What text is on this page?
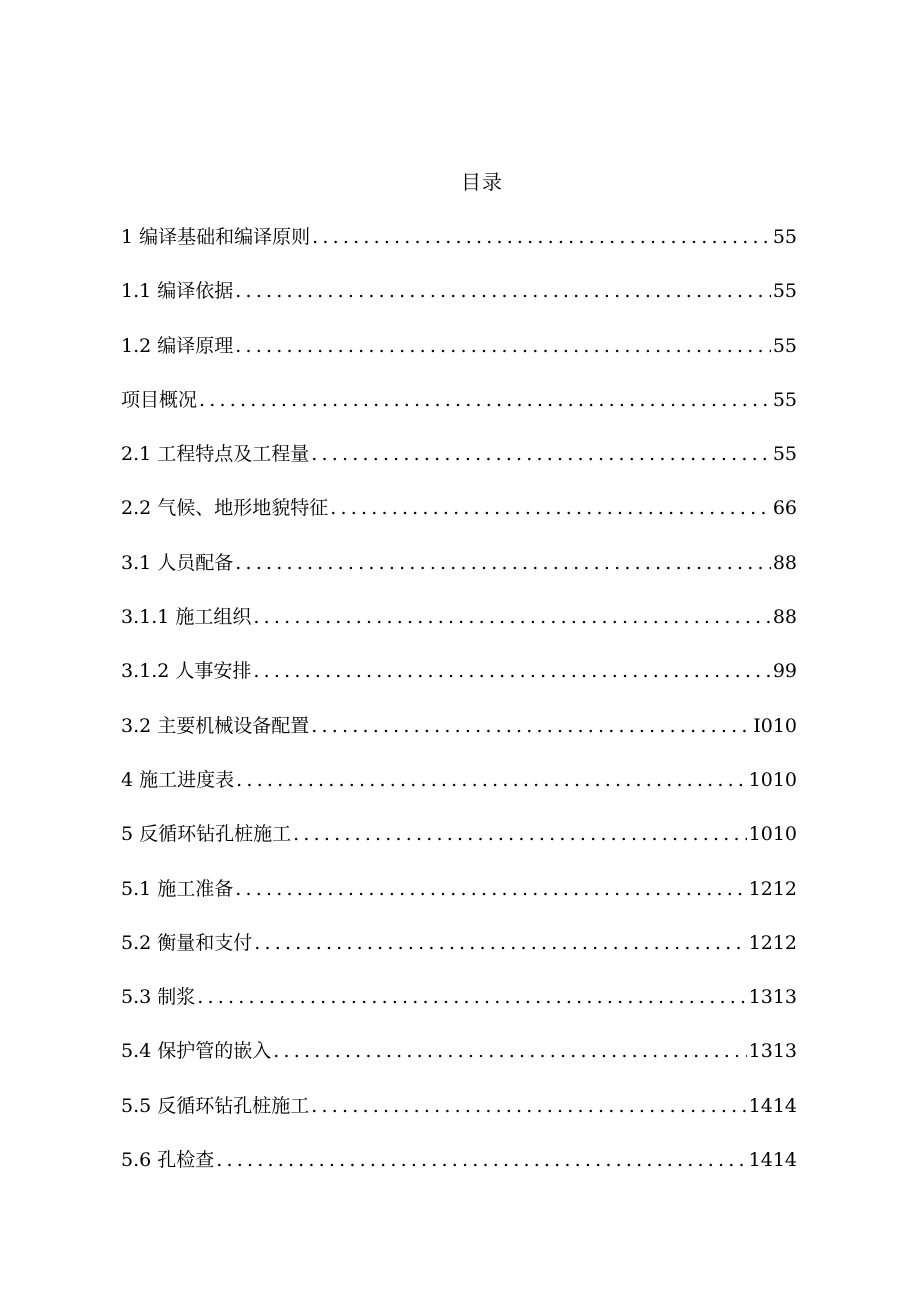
目录
1 编译基础和编译原则 .....	55
1.1 编译依据 .....	55
1.2 编译原理 .....	55
项目概况 .....	55
2.1 工程特点及工程量 .....	55
2.2 气候、地形地貌特征 .....	66
3.1 人员配备 .....	88
3.1.1 施工组织 .....	88
3.1.2 人事安排 .....	99
3.2 主要机械设备配置 .....	I010
4 施工进度表 .....	1010
5 反循环钻孔桩施工 .....	1010
5.1 施工准备 .....	1212
5.2 衡量和支付 .....	1212
5.3 制浆 .....	1313
5.4 保护管的嵌入 .....	1313
5.5 反循环钻孔桩施工 .....	1414
5.6 孔检查 .....	1414
